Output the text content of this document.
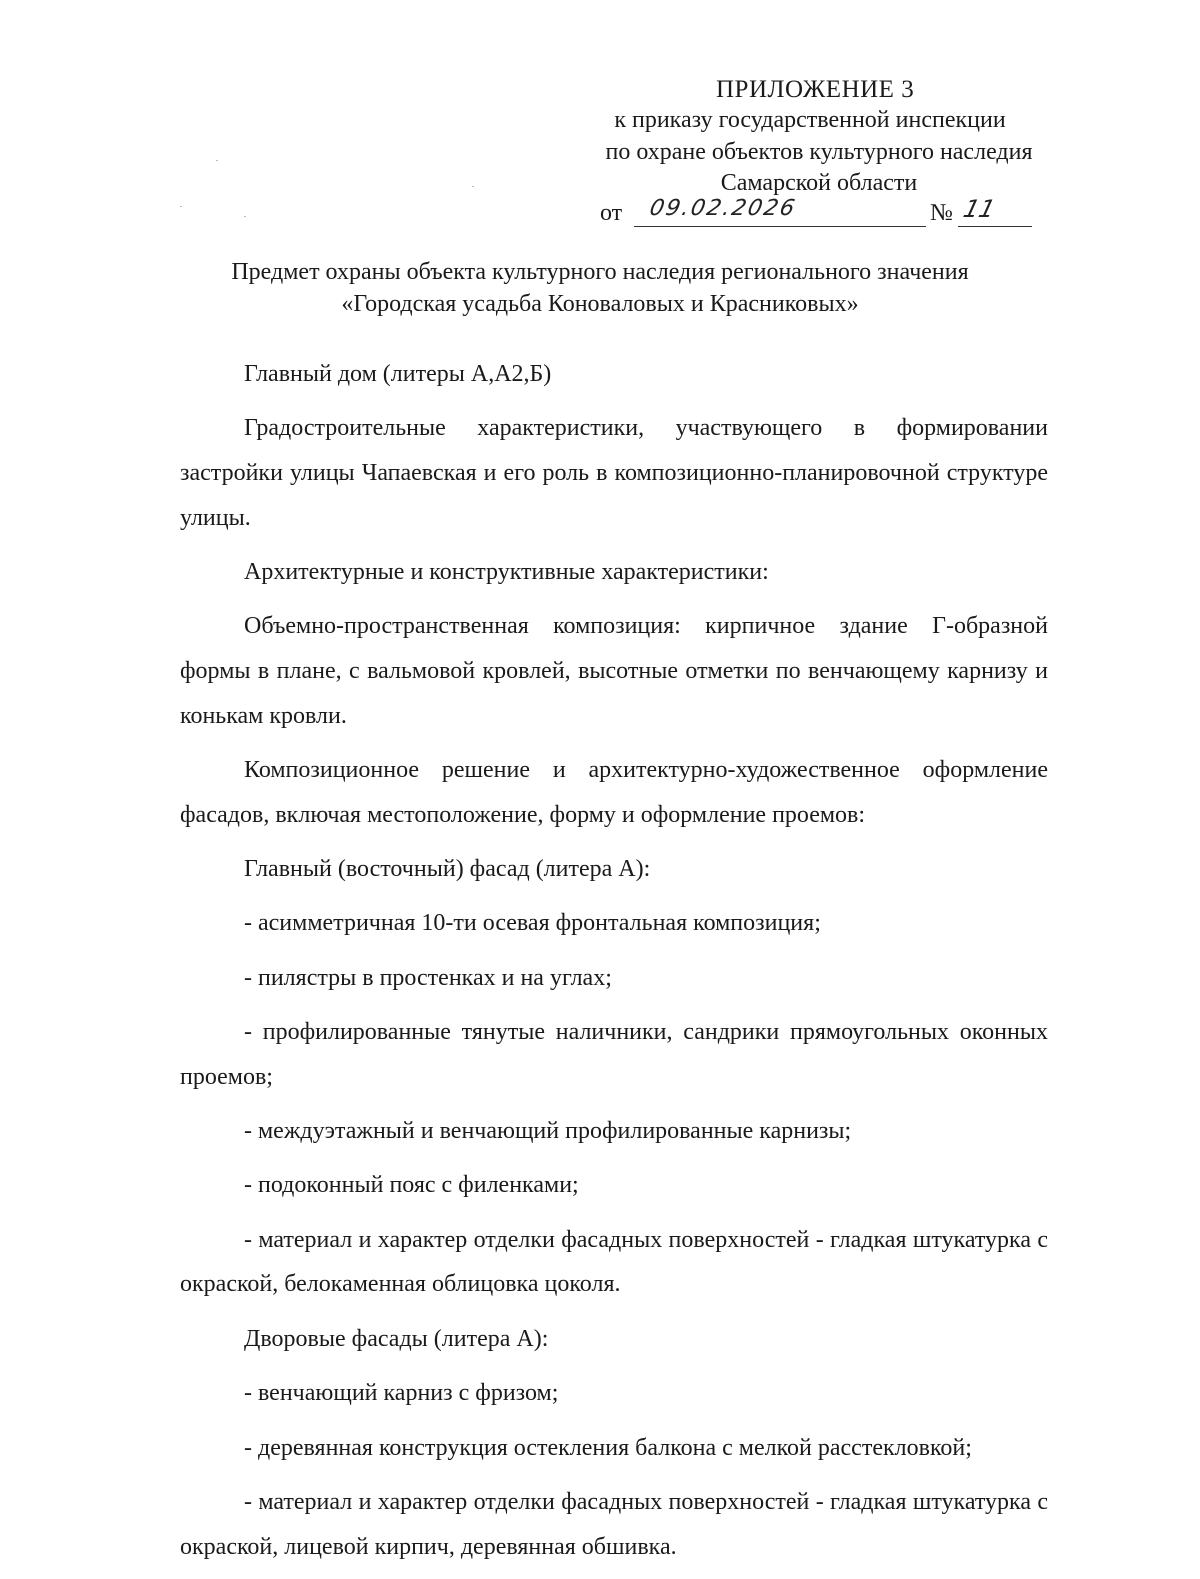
ПРИЛОЖЕНИЕ 3
к приказу государственной инспекции
по охране объектов культурного наследия
Самарской области
от 09.02.2026	№ 11
Предмет охраны объекта культурного наследия регионального значения
«Городская усадьба Коноваловых и Красниковых»

Главный дом (литеры А,А2,Б)

Градостроительные характеристики, участвующего в формировании застройки улицы Чапаевская и его роль в композиционно-планировочной структуре улицы.

Архитектурные и конструктивные характеристики:

Объемно-пространственная композиция: кирпичное здание Г-образной формы в плане, с вальмовой кровлей, высотные отметки по венчающему карнизу и конькам кровли.

Композиционное решение и архитектурно-художественное оформление фасадов, включая местоположение, форму и оформление проемов:

Главный (восточный) фасад (литера А):

- асимметричная 10-ти осевая фронтальная композиция;

- пилястры в простенках и на углах;

- профилированные тянутые наличники, сандрики прямоугольных оконных проемов;

- междуэтажный и венчающий профилированные карнизы;

- подоконный пояс с филенками;

- материал и характер отделки фасадных поверхностей - гладкая штукатурка с окраской, белокаменная облицовка цоколя.

Дворовые фасады (литера А):

- венчающий карниз с фризом;

- деревянная конструкция остекления балкона с мелкой расстекловкой;

- материал и характер отделки фасадных поверхностей - гладкая штукатурка с окраской, лицевой кирпич, деревянная обшивка.
